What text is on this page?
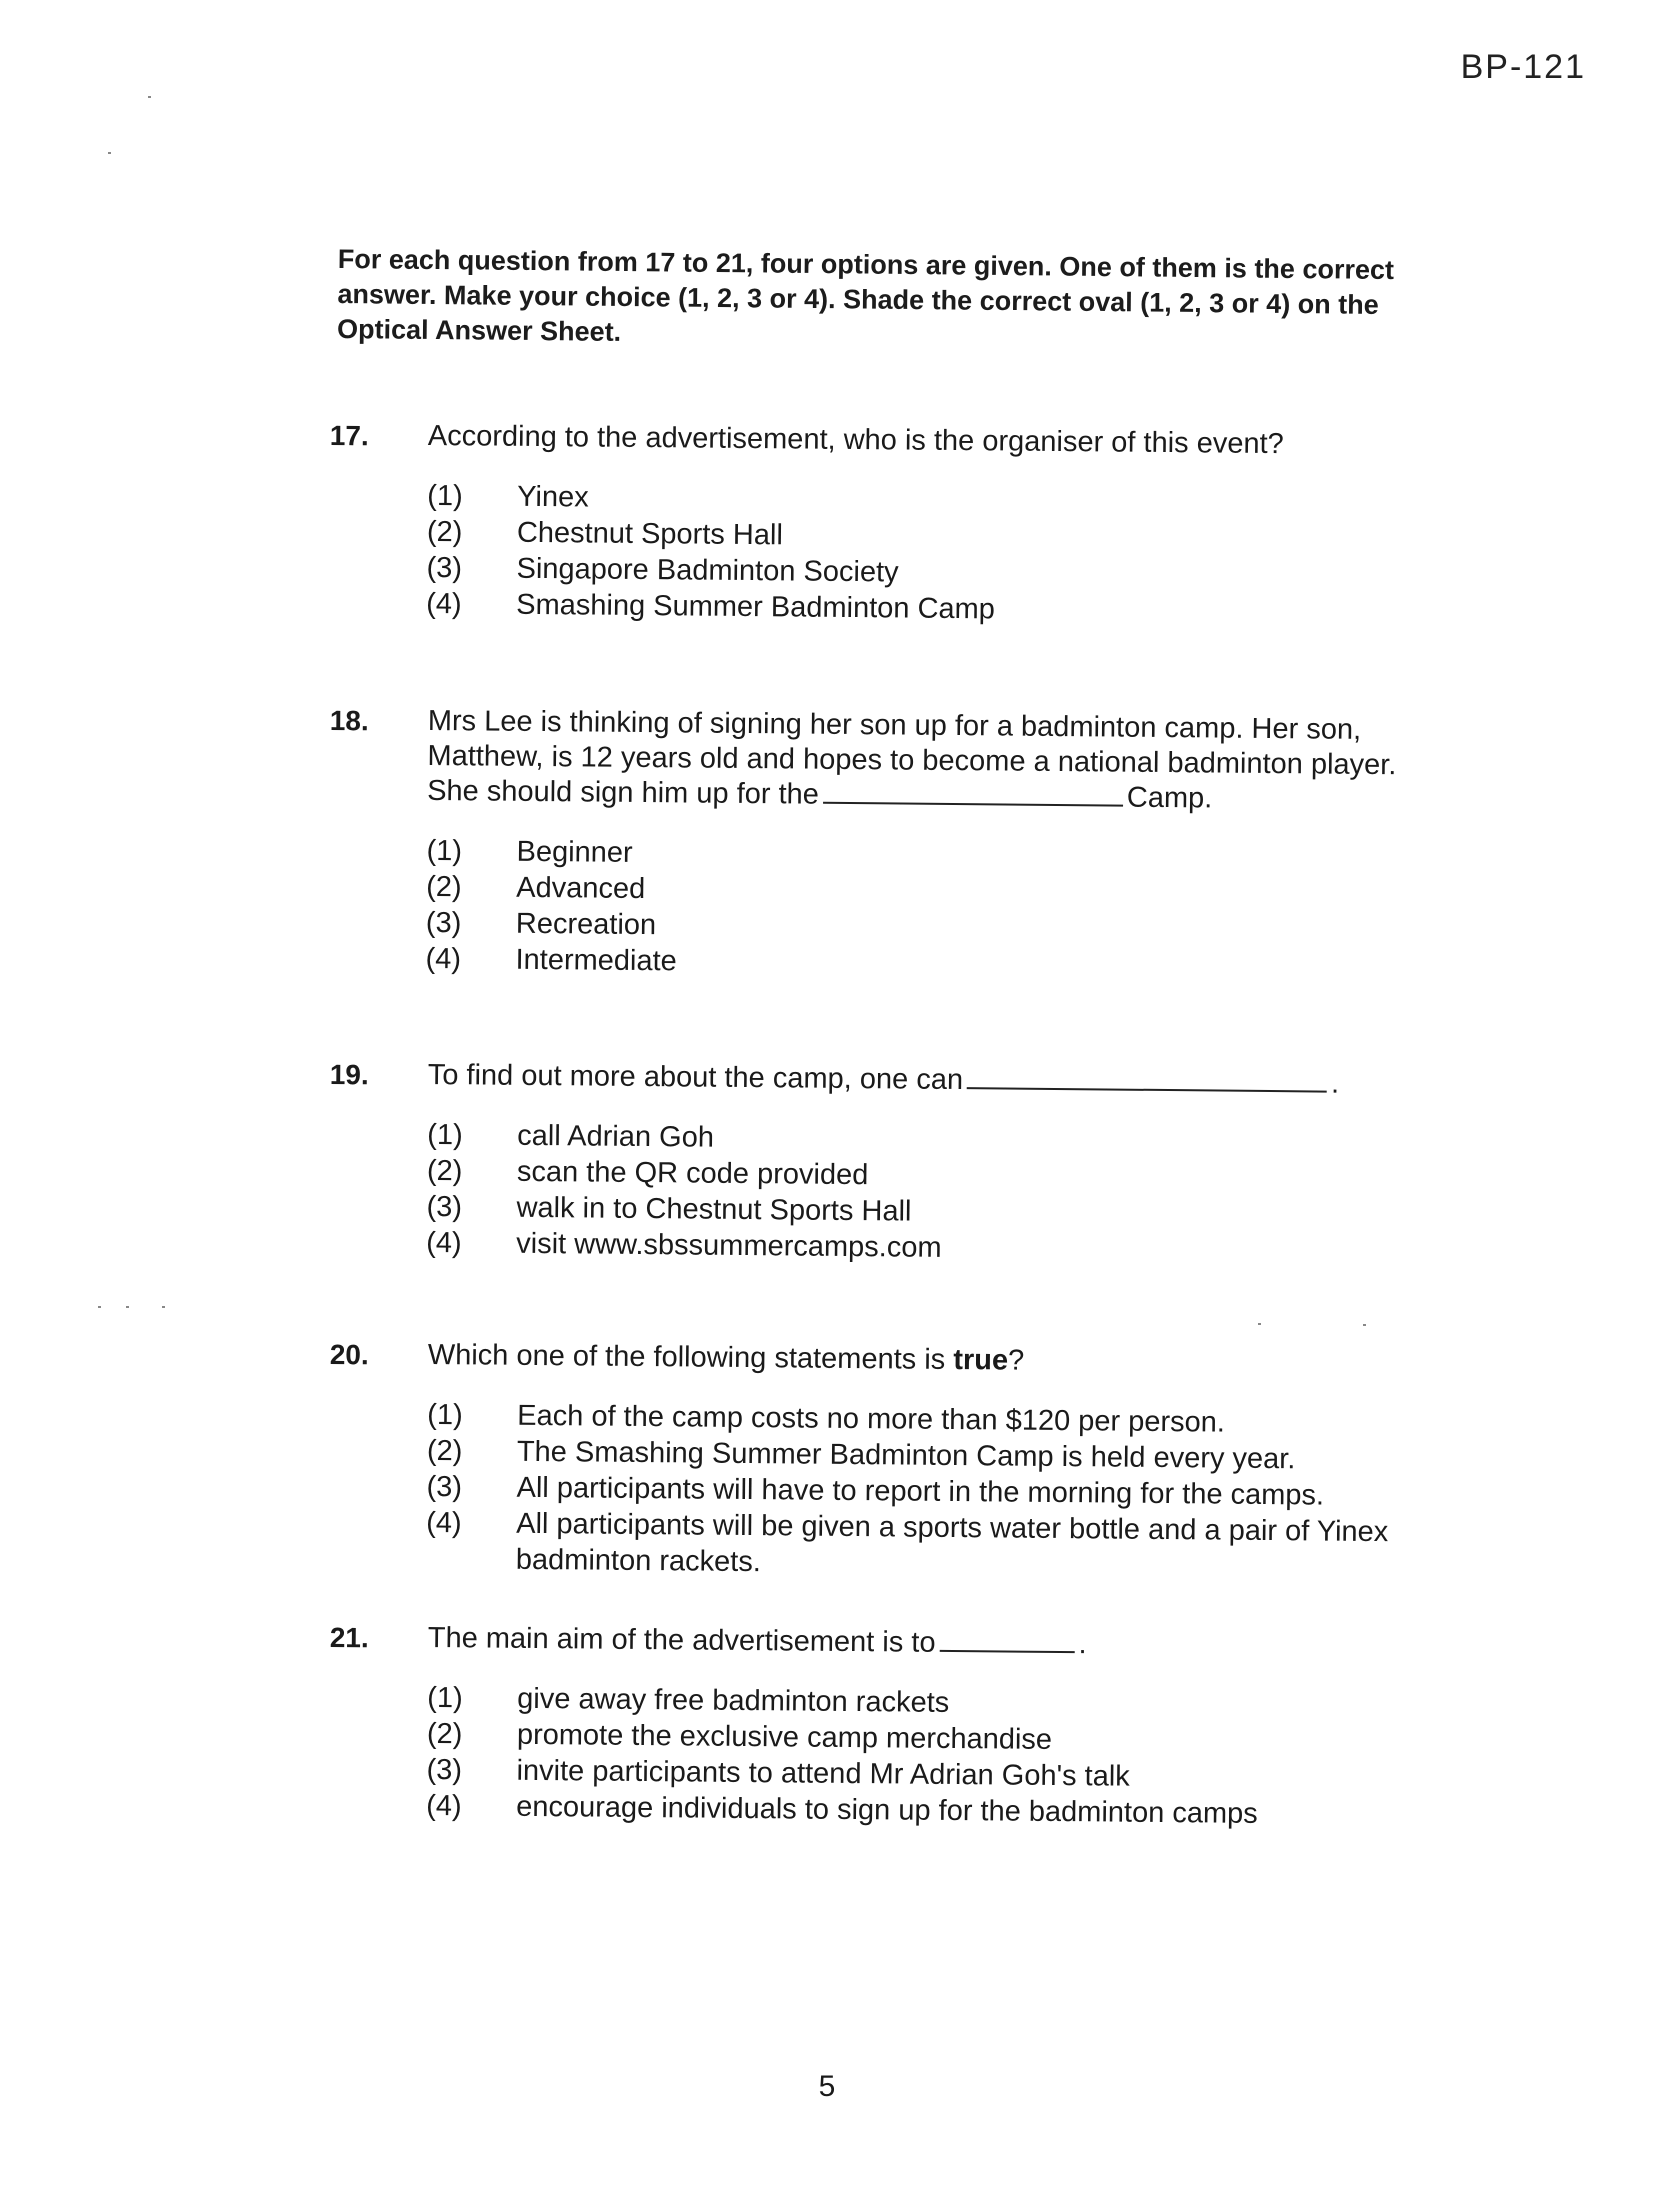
BP-121
For each question from 17 to 21, four options are given. One of them is the correct answer. Make your choice (1, 2, 3 or 4). Shade the correct oval (1, 2, 3 or 4) on the Optical Answer Sheet.
17.	According to the advertisement, who is the organiser of this event?
(1)	Yinex
(2)	Chestnut Sports Hall
(3)	Singapore Badminton Society
(4)	Smashing Summer Badminton Camp
18.	Mrs Lee is thinking of signing her son up for a badminton camp. Her son, Matthew, is 12 years old and hopes to become a national badminton player. She should sign him up for the	Camp.
(1)	Beginner
(2)	Advanced
(3)	Recreation
(4)	Intermediate
19.	To find out more about the camp, one can	.
(1)	call Adrian Goh
(2)	scan the QR code provided
(3)	walk in to Chestnut Sports Hall
(4)	visit www.sbssummercamps.com
20.	Which one of the following statements is true?
(1)	Each of the camp costs no more than $120 per person.
(2)	The Smashing Summer Badminton Camp is held every year.
(3)	All participants will have to report in the morning for the camps.
(4)	All participants will be given a sports water bottle and a pair of Yinex badminton rackets.
21.	The main aim of the advertisement is to	.
(1)	give away free badminton rackets
(2)	promote the exclusive camp merchandise
(3)	invite participants to attend Mr Adrian Goh's talk
(4)	encourage individuals to sign up for the badminton camps
5
